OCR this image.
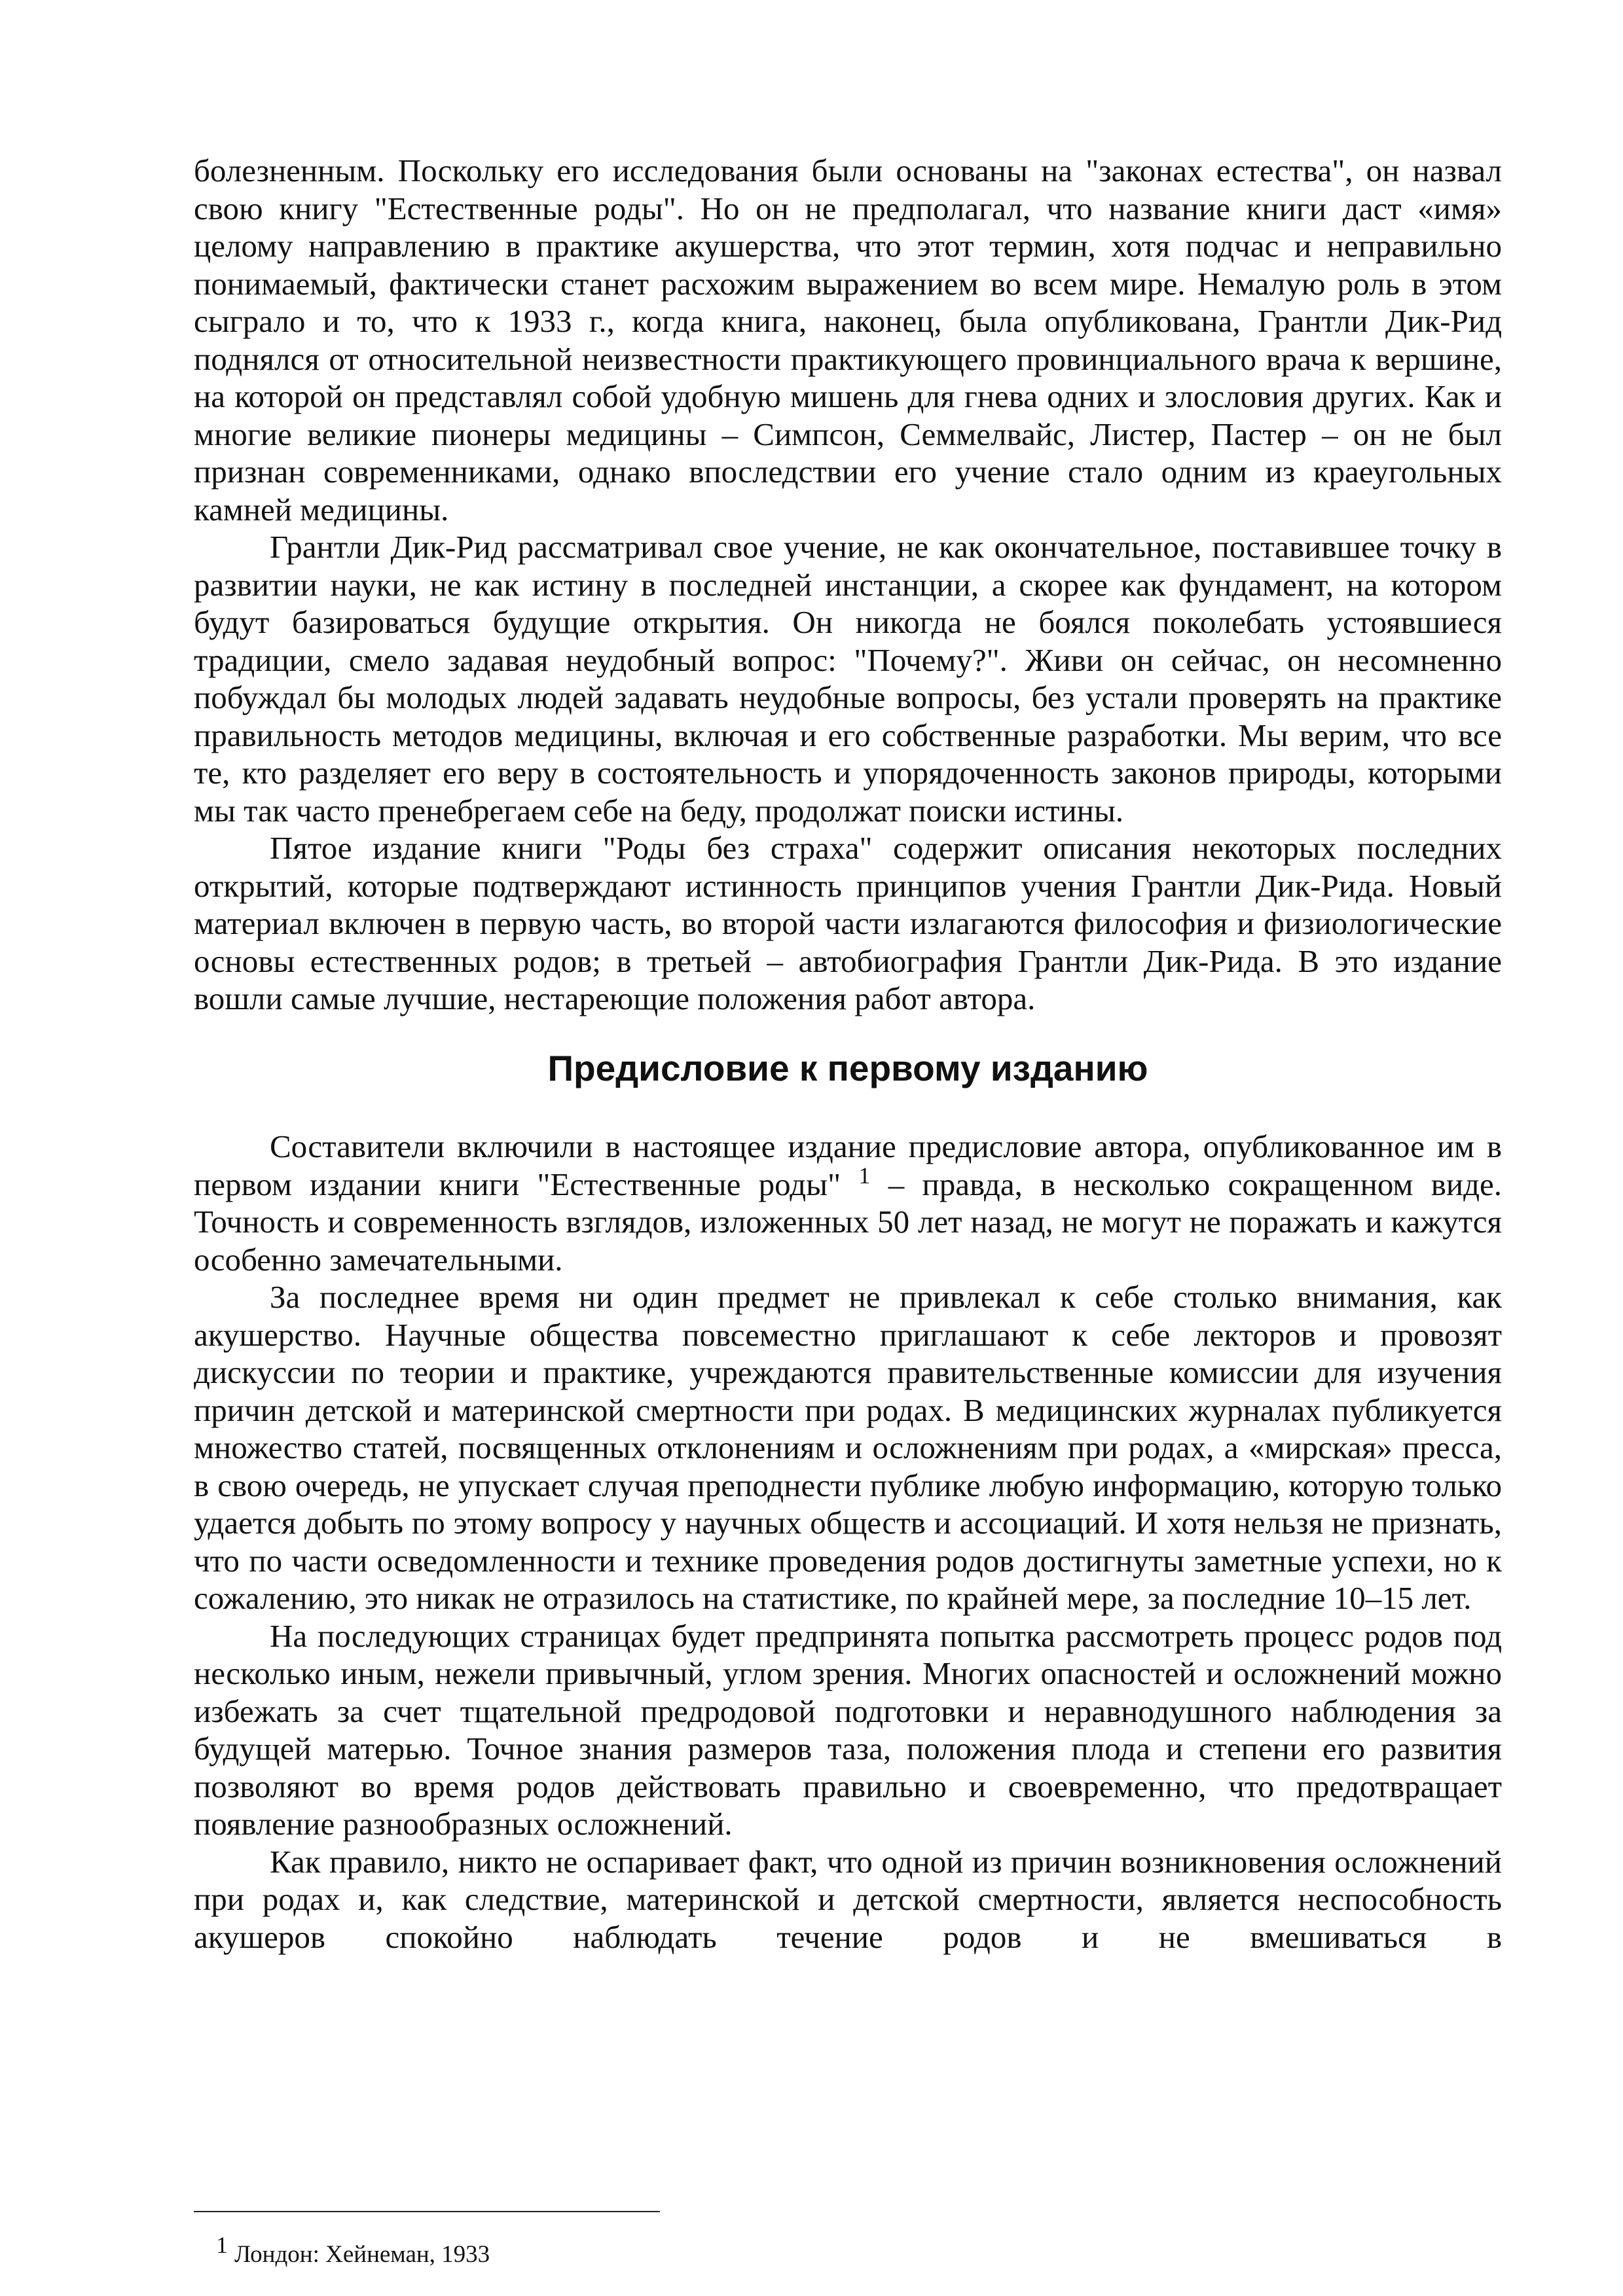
болезненным. Поскольку его исследования были основаны на "законах естества", он назвал свою книгу "Естественные роды". Но он не предполагал, что название книги даст «имя» целому направлению в практике акушерства, что этот термин, хотя подчас и неправильно понимаемый, фактически станет расхожим выражением во всем мире. Немалую роль в этом сыграло и то, что к 1933 г., когда книга, наконец, была опубликована, Грантли Дик-Рид поднялся от относительной неизвестности практикующего провинциального врача к вершине, на которой он представлял собой удобную мишень для гнева одних и злословия других. Как и многие великие пионеры медицины – Симпсон, Семмелвайс, Листер, Пастер – он не был признан современниками, однако впоследствии его учение стало одним из краеугольных камней медицины.

Грантли Дик-Рид рассматривал свое учение, не как окончательное, поставившее точку в развитии науки, не как истину в последней инстанции, а скорее как фундамент, на котором будут базироваться будущие открытия. Он никогда не боялся поколебать устоявшиеся традиции, смело задавая неудобный вопрос: "Почему?". Живи он сейчас, он несомненно побуждал бы молодых людей задавать неудобные вопросы, без устали проверять на практике правильность методов медицины, включая и его собственные разработки. Мы верим, что все те, кто разделяет его веру в состоятельность и упорядоченность законов природы, которыми мы так часто пренебрегаем себе на беду, продолжат поиски истины.

Пятое издание книги "Роды без страха" содержит описания некоторых последних открытий, которые подтверждают истинность принципов учения Грантли Дик-Рида. Новый материал включен в первую часть, во второй части излагаются философия и физиологические основы естественных родов; в третьей – автобиография Грантли Дик-Рида. В это издание вошли самые лучшие, нестареющие положения работ автора.

Предисловие к первому изданию

Составители включили в настоящее издание предисловие автора, опубликованное им в первом издании книги "Естественные роды" $^1$ – правда, в несколько сокращенном виде. Точность и современность взглядов, изложенных 50 лет назад, не могут не поражать и кажутся особенно замечательными.

За последнее время ни один предмет не привлекал к себе столько внимания, как акушерство. Научные общества повсеместно приглашают к себе лекторов и провозят дискуссии по теории и практике, учреждаются правительственные комиссии для изучения причин детской и материнской смертности при родах. В медицинских журналах публикуется множество статей, посвященных отклонениям и осложнениям при родах, а «мирская» пресса, в свою очередь, не упускает случая преподнести публике любую информацию, которую только удается добыть по этому вопросу у научных обществ и ассоциаций. И хотя нельзя не признать, что по части осведомленности и технике проведения родов достигнуты заметные успехи, но к сожалению, это никак не отразилось на статистике, по крайней мере, за последние 10–15 лет.

На последующих страницах будет предпринята попытка рассмотреть процесс родов под несколько иным, нежели привычный, углом зрения. Многих опасностей и осложнений можно избежать за счет тщательной предродовой подготовки и неравнодушного наблюдения за будущей матерью. Точное знания размеров таза, положения плода и степени его развития позволяют во время родов действовать правильно и своевременно, что предотвращает появление разнообразных осложнений.

Как правило, никто не оспаривает факт, что одной из причин возникновения осложнений при родах и, как следствие, материнской и детской смертности, является неспособность акушеров спокойно наблюдать течение родов и не вмешиваться в

1 Лондон: Хейнеман, 1933
